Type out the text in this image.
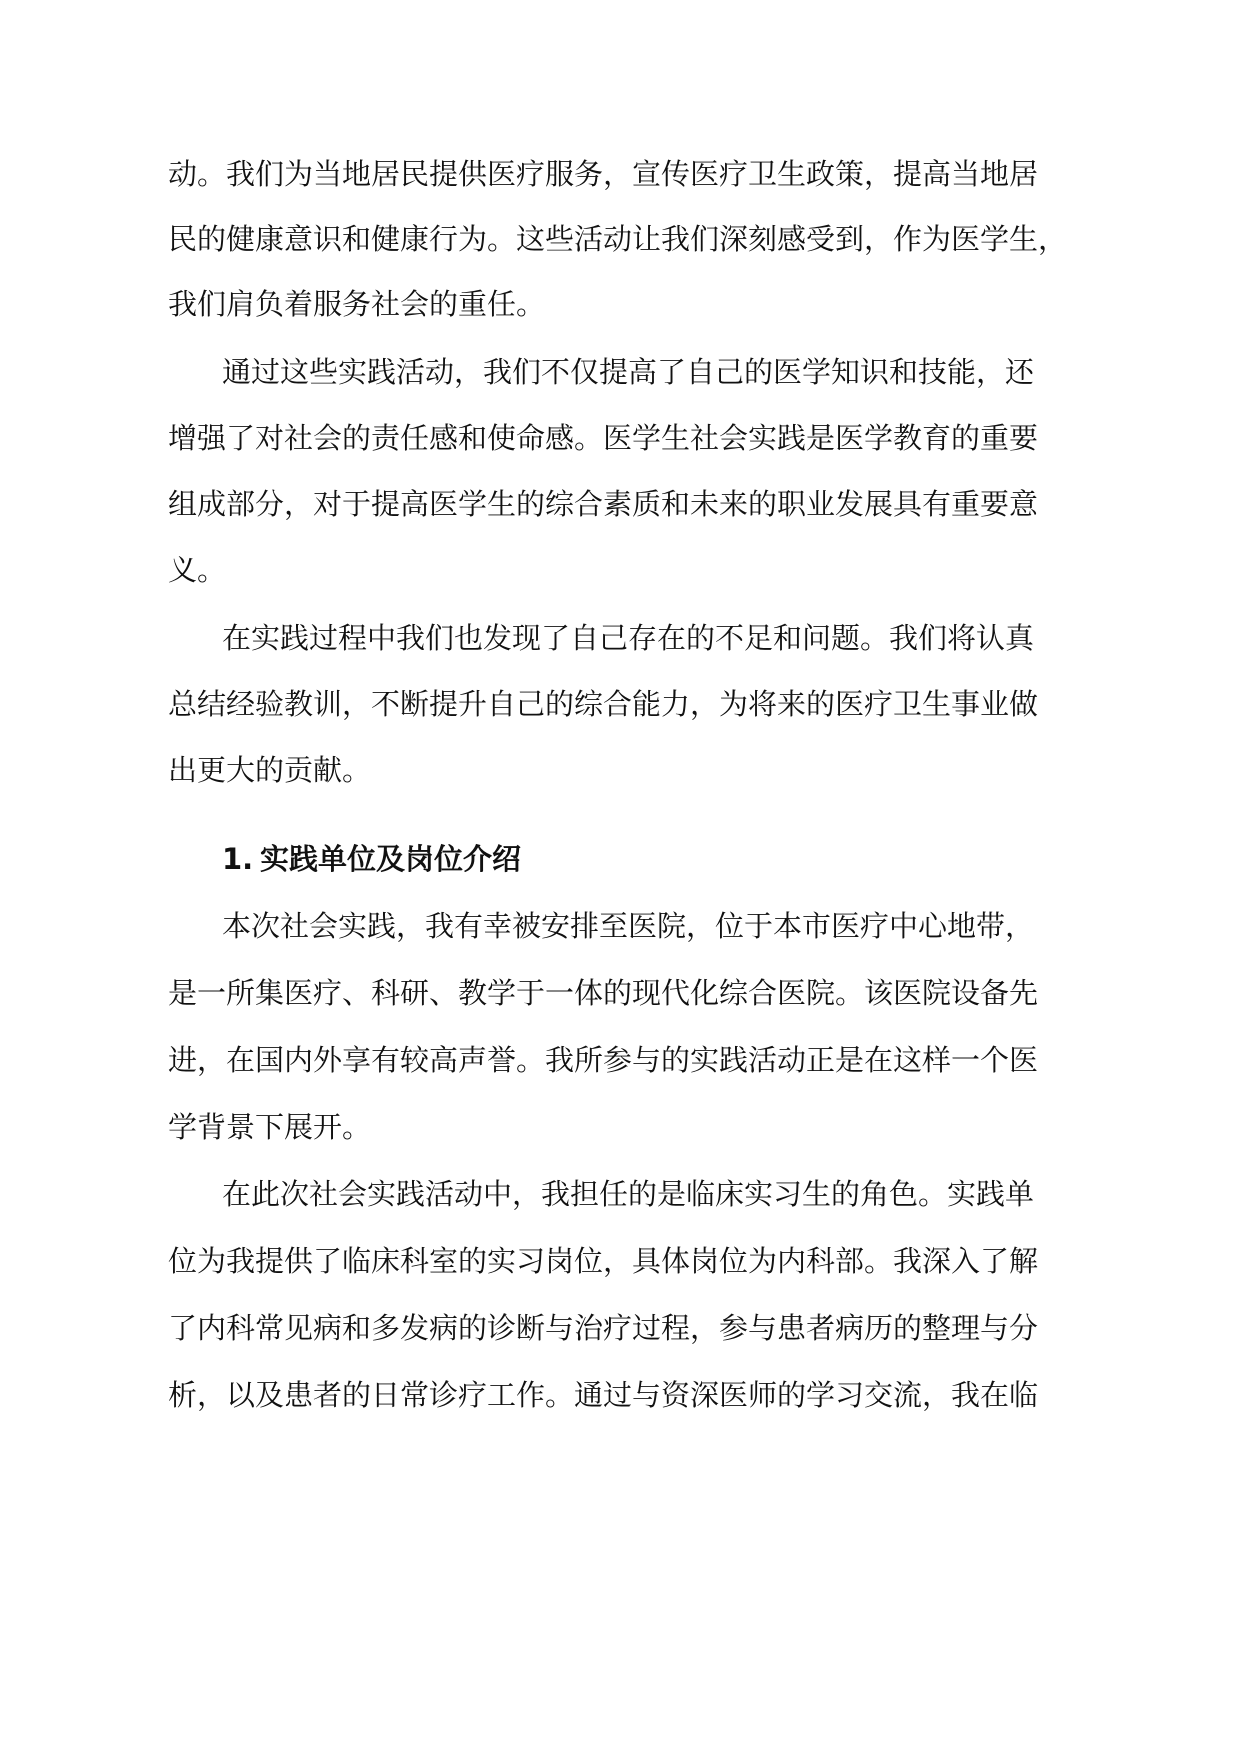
动。我们为当地居民提供医疗服务，宣传医疗卫生政策，提高当地居
民的健康意识和健康行为。这些活动让我们深刻感受到，作为医学生，
我们肩负着服务社会的重任。
通过这些实践活动，我们不仅提高了自己的医学知识和技能，还
增强了对社会的责任感和使命感。医学生社会实践是医学教育的重要
组成部分，对于提高医学生的综合素质和未来的职业发展具有重要意
义。
在实践过程中我们也发现了自己存在的不足和问题。我们将认真
总结经验教训，不断提升自己的综合能力，为将来的医疗卫生事业做
出更大的贡献。
1. 实践单位及岗位介绍
本次社会实践，我有幸被安排至医院，位于本市医疗中心地带，
是一所集医疗、科研、教学于一体的现代化综合医院。该医院设备先
进，在国内外享有较高声誉。我所参与的实践活动正是在这样一个医
学背景下展开。
在此次社会实践活动中，我担任的是临床实习生的角色。实践单
位为我提供了临床科室的实习岗位，具体岗位为内科部。我深入了解
了内科常见病和多发病的诊断与治疗过程，参与患者病历的整理与分
析，以及患者的日常诊疗工作。通过与资深医师的学习交流，我在临
